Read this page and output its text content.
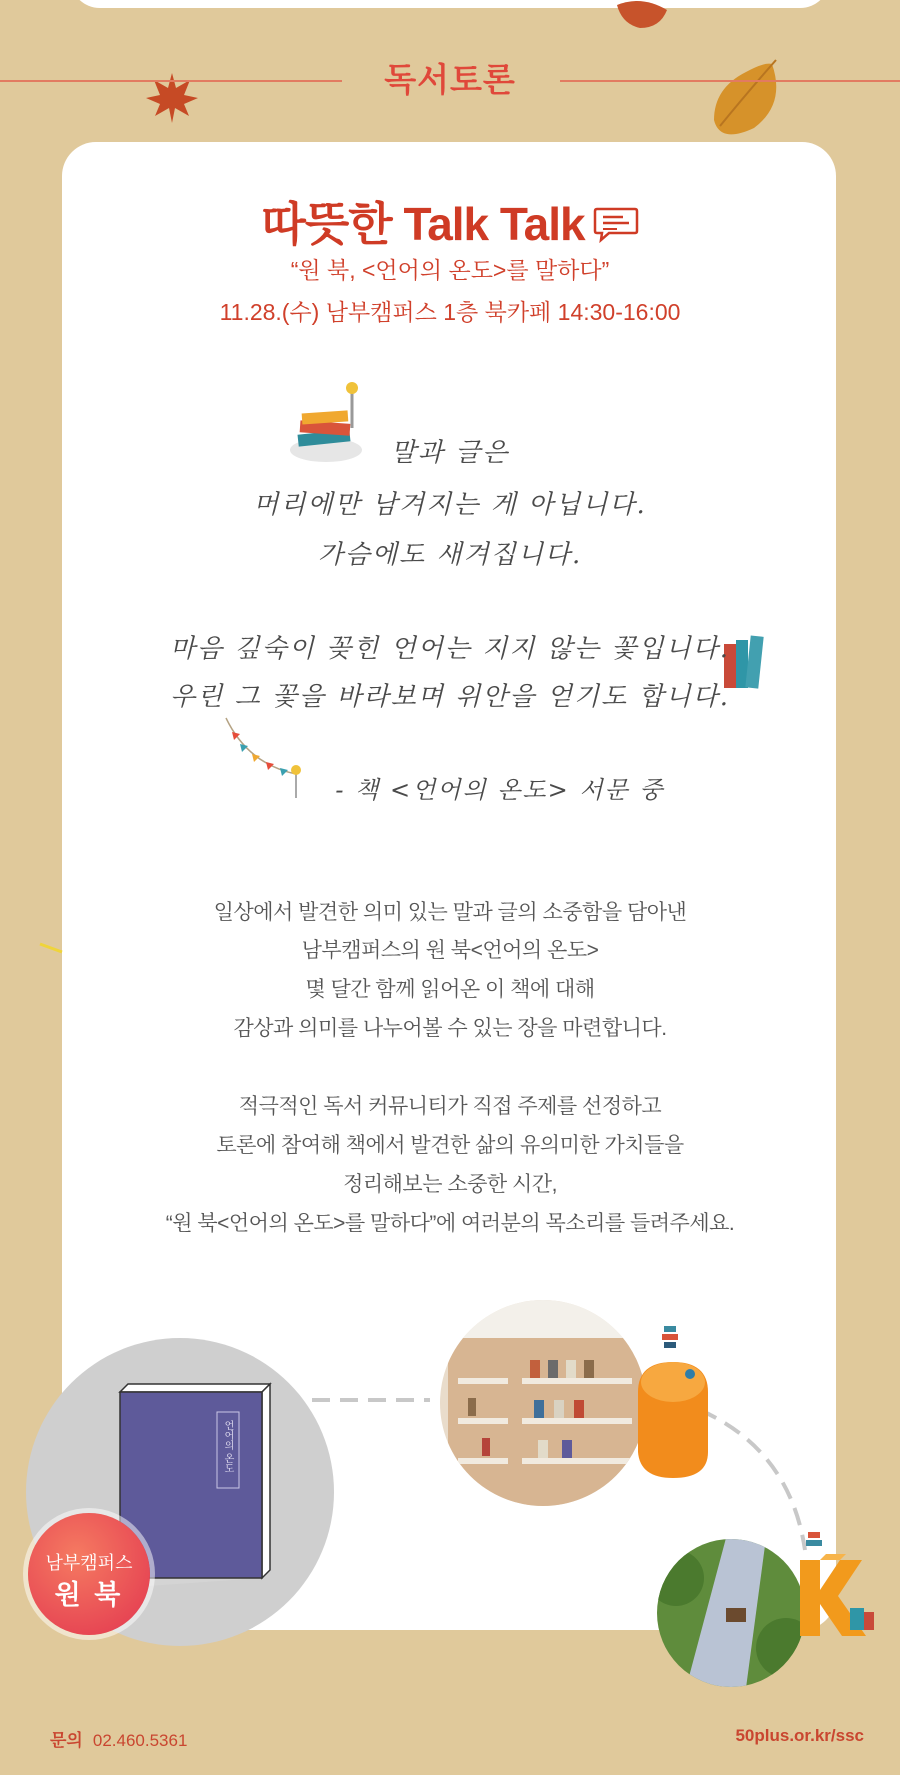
독서토론
따뜻한 Talk Talk
“원 북, <언어의 온도>를 말하다”
11.28.(수) 남부캠퍼스 1층 북카페 14:30-16:00
말과 글은
머리에만 남겨지는 게 아닙니다.
가슴에도 새겨집니다.
마음 깊숙이 꽂힌 언어는 지지 않는 꽃입니다.
우린 그 꽃을 바라보며 위안을 얻기도 합니다.
- 책 <언어의 온도> 서문 중
일상에서 발견한 의미 있는 말과 글의 소중함을 담아낸
남부캠퍼스의 원 북<언어의 온도>
몇 달간 함께 읽어온 이 책에 대해
감상과 의미를 나누어볼 수 있는 장을 마련합니다.
적극적인 독서 커뮤니티가 직접 주제를 선정하고
토론에 참여해 책에서 발견한 삶의 유의미한 가치들을
정리해보는 소중한 시간,
“원 북<언어의 온도>를 말하다”에 여러분의 목소리를 들려주세요.
언어의 온도
남부캠퍼스
원 북
문의 02.460.5361	50plus.or.kr/ssc
